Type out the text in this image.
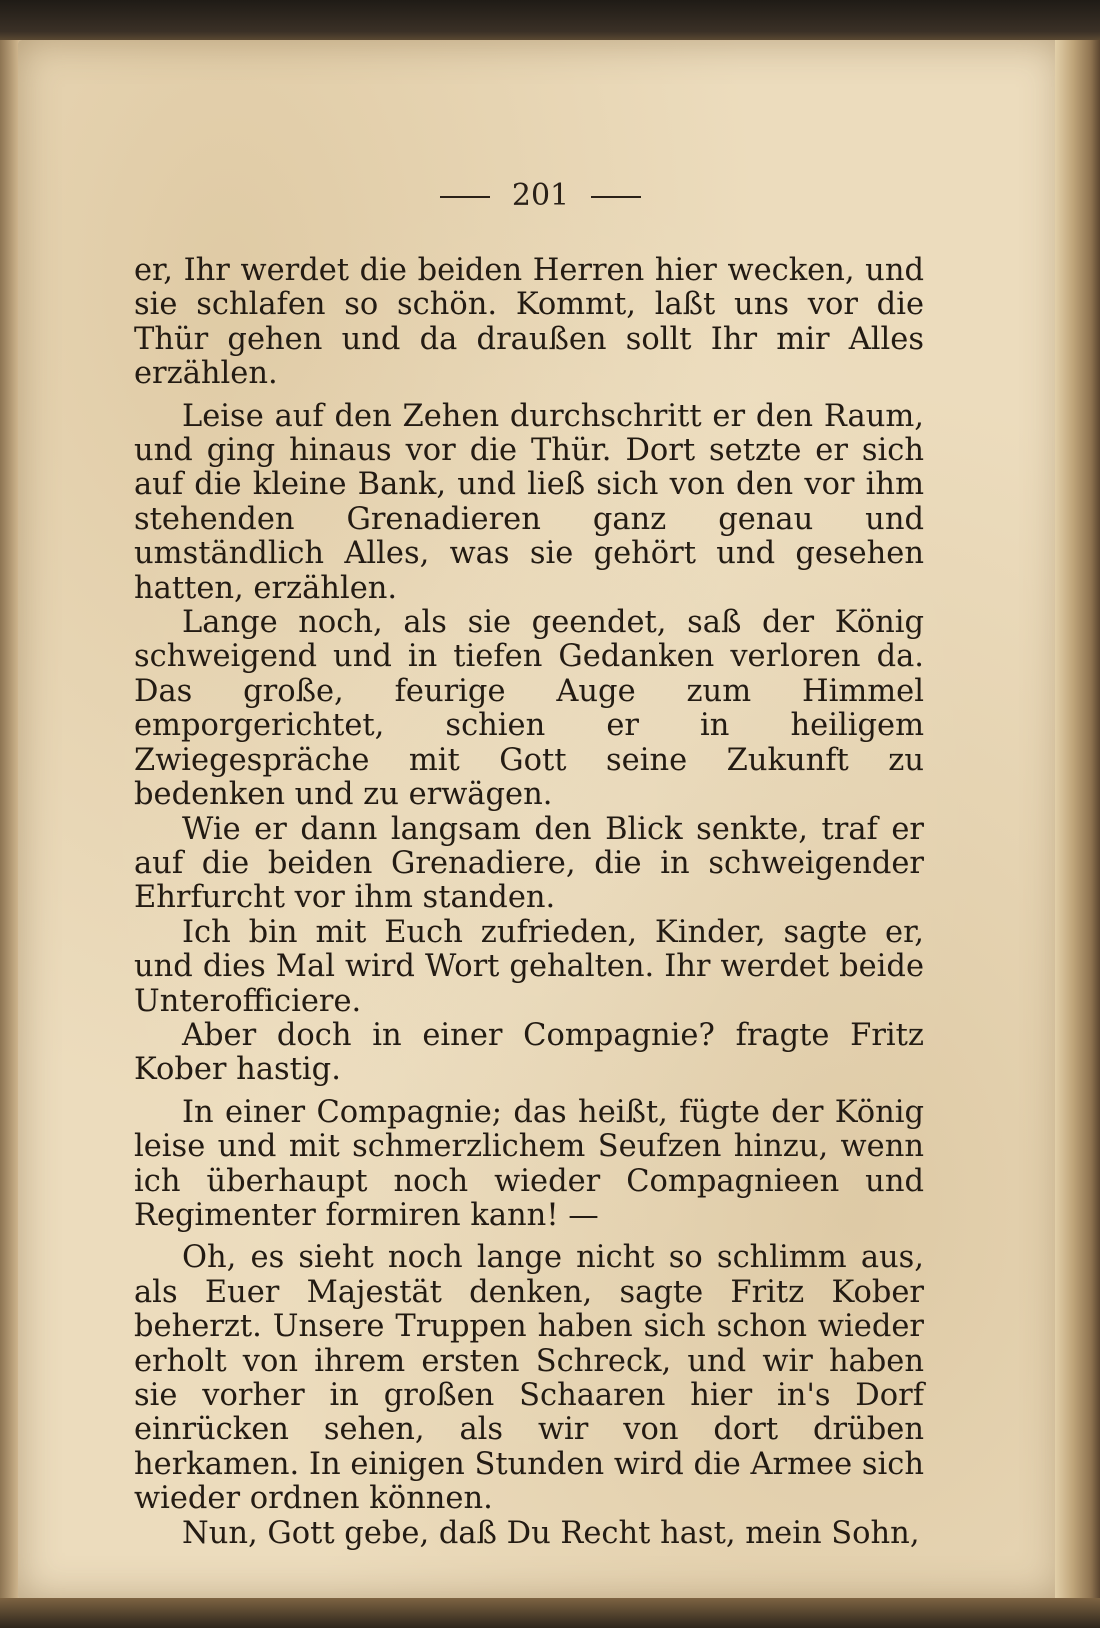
201

er, Ihr werdet die beiden Herren hier wecken, und sie schlafen so schön. Kommt, laßt uns vor die Thür gehen und da draußen sollt Ihr mir Alles erzählen.

Leise auf den Zehen durchschritt er den Raum, und ging hinaus vor die Thür. Dort setzte er sich auf die kleine Bank, und ließ sich von den vor ihm stehenden Grenadieren ganz genau und umständlich Alles, was sie gehört und gesehen hatten, erzählen.

Lange noch, als sie geendet, saß der König schweigend und in tiefen Gedanken verloren da. Das große, feurige Auge zum Himmel emporgerichtet, schien er in heiligem Zwiegespräche mit Gott seine Zukunft zu bedenken und zu erwägen.

Wie er dann langsam den Blick senkte, traf er auf die beiden Grenadiere, die in schweigender Ehrfurcht vor ihm standen.

Ich bin mit Euch zufrieden, Kinder, sagte er, und dies Mal wird Wort gehalten. Ihr werdet beide Unterofficiere.

Aber doch in einer Compagnie? fragte Fritz Kober hastig.

In einer Compagnie; das heißt, fügte der König leise und mit schmerzlichem Seufzen hinzu, wenn ich überhaupt noch wieder Compagnieen und Regimenter formiren kann! —

Oh, es sieht noch lange nicht so schlimm aus, als Euer Majestät denken, sagte Fritz Kober beherzt. Unsere Truppen haben sich schon wieder erholt von ihrem ersten Schreck, und wir haben sie vorher in großen Schaaren hier in's Dorf einrücken sehen, als wir von dort drüben herkamen. In einigen Stunden wird die Armee sich wieder ordnen können.

Nun, Gott gebe, daß Du Recht hast, mein Sohn,
